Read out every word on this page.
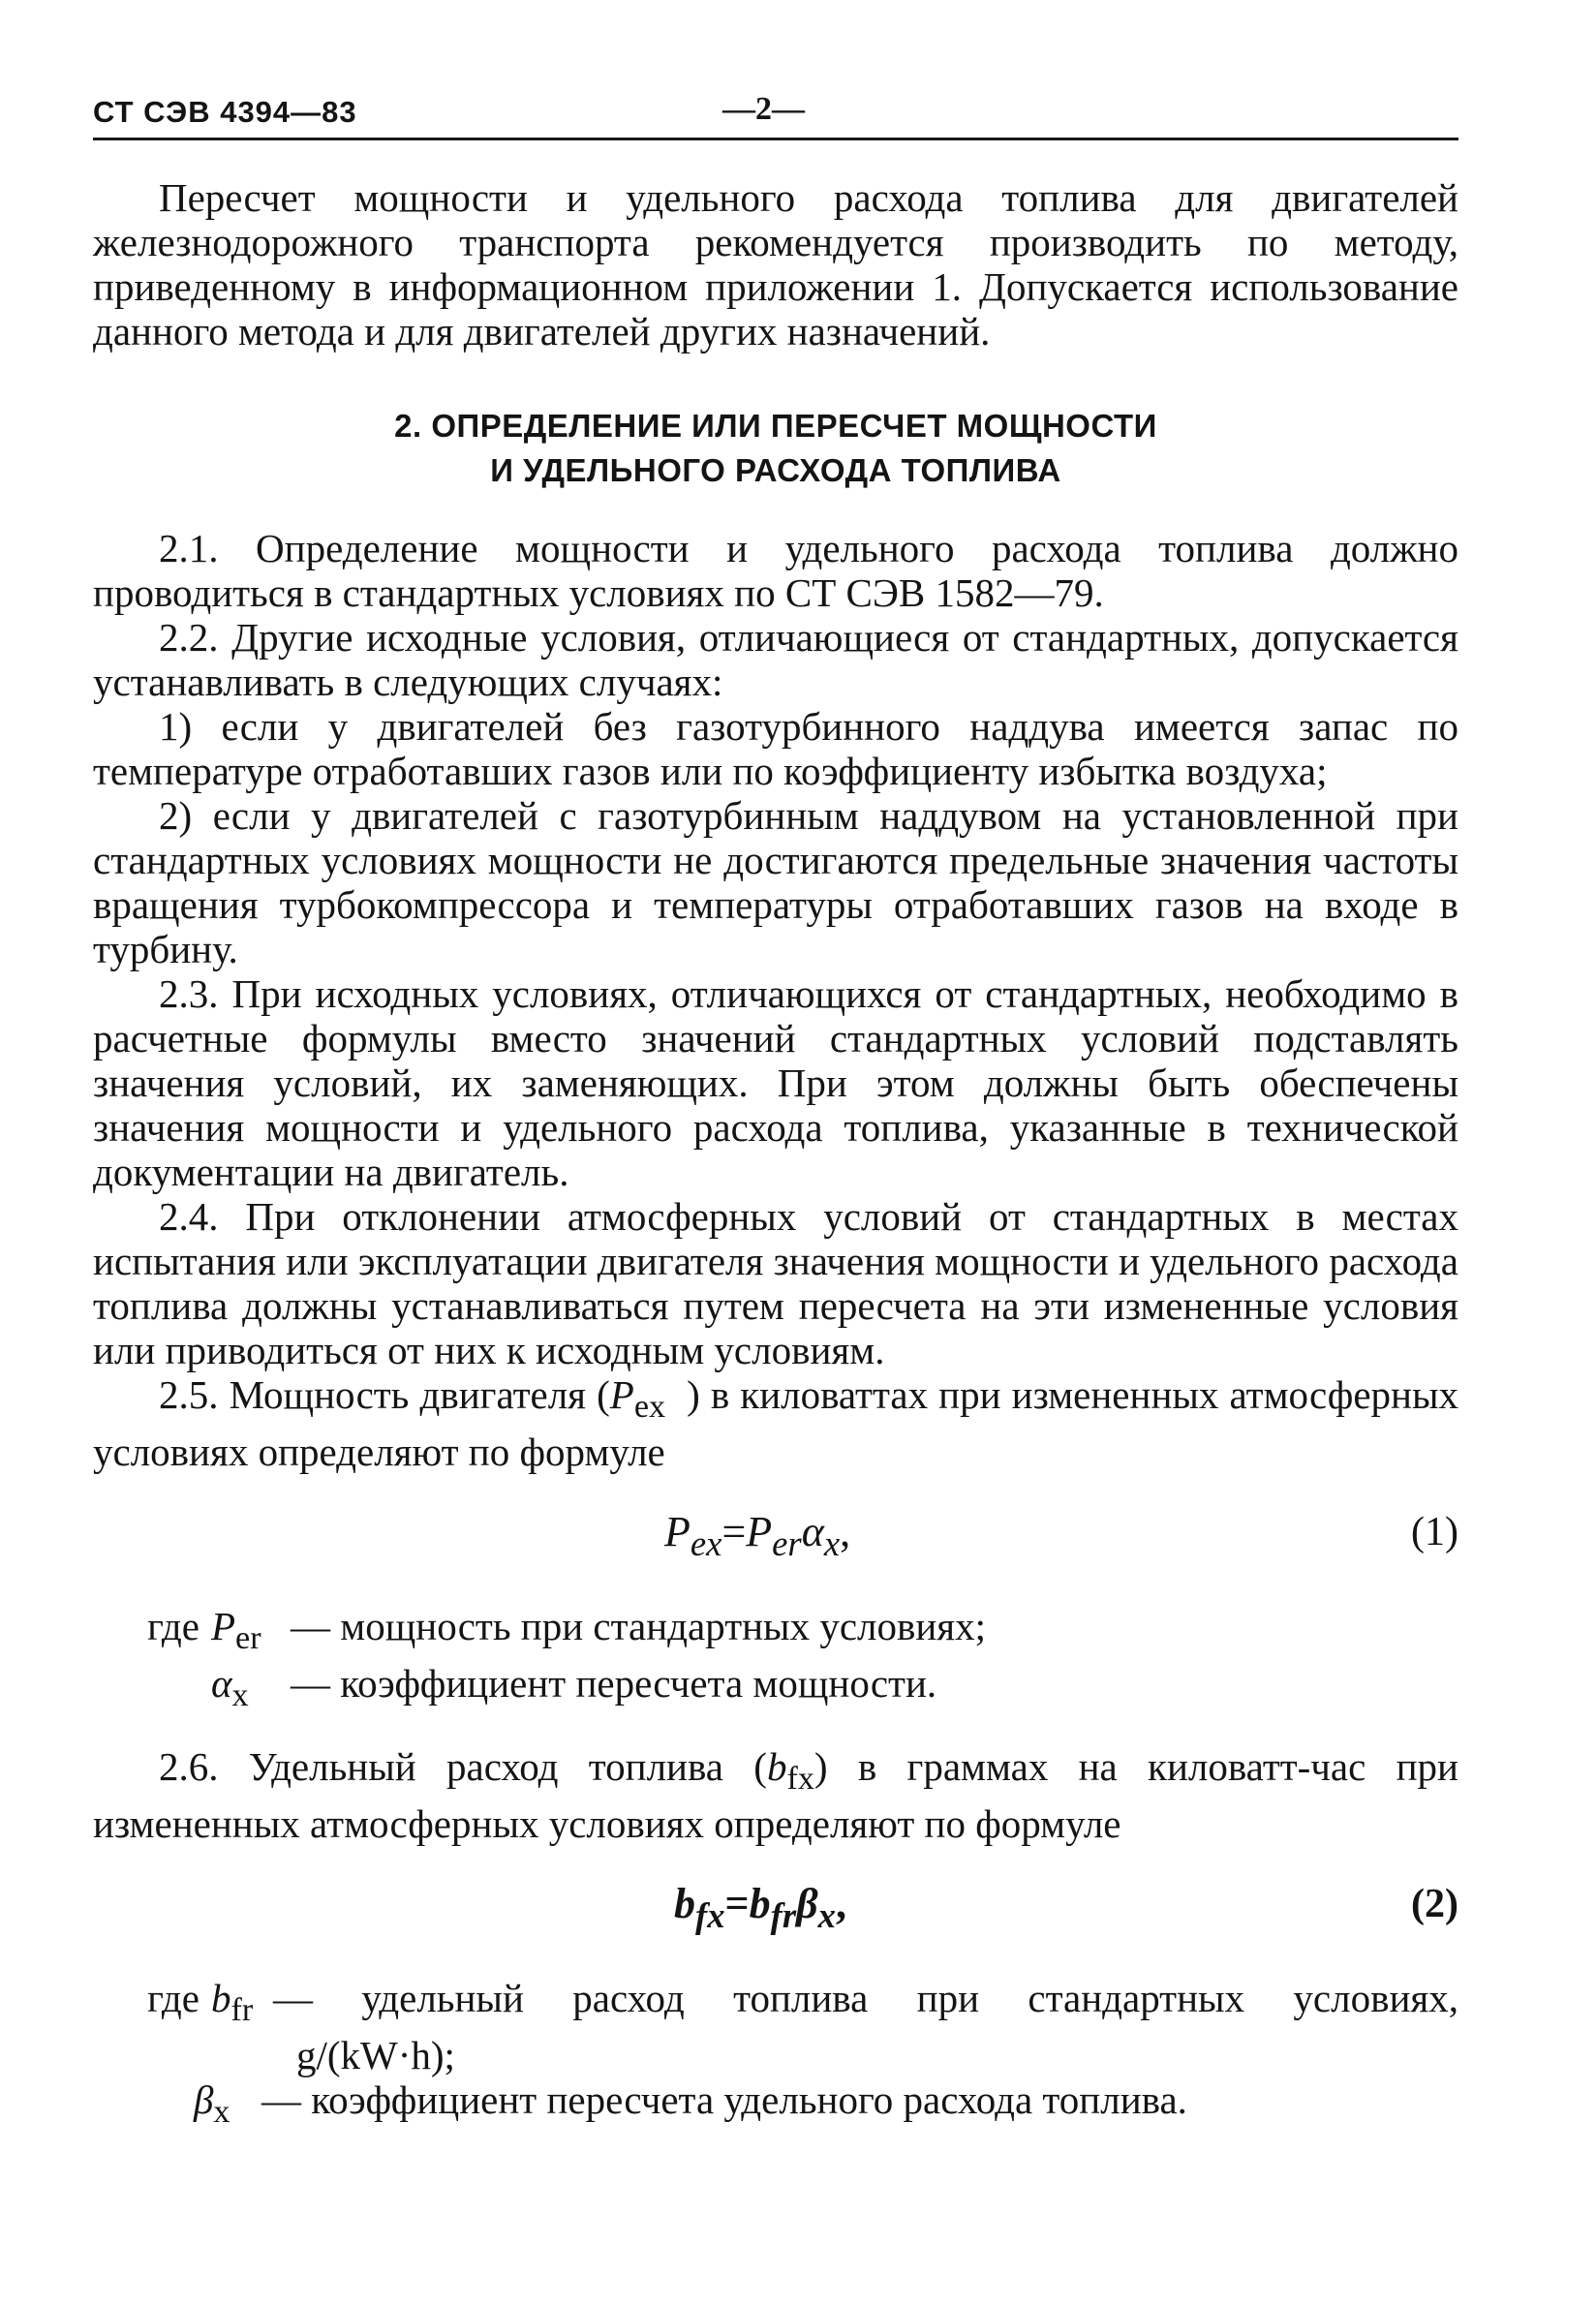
СТ СЭВ 4394—83	—2—

Пересчет мощности и удельного расхода топлива для двигателей железнодорожного транспорта рекомендуется производить по методу, приведенному в информационном приложении 1. Допускается использование данного метода и для двигателей других назначений.

2. ОПРЕДЕЛЕНИЕ ИЛИ ПЕРЕСЧЕТ МОЩНОСТИ
И УДЕЛЬНОГО РАСХОДА ТОПЛИВА

2.1. Определение мощности и удельного расхода топлива должно проводиться в стандартных условиях по СТ СЭВ 1582—79.

2.2. Другие исходные условия, отличающиеся от стандартных, допускается устанавливать в следующих случаях:

1) если у двигателей без газотурбинного наддува имеется запас по температуре отработавших газов или по коэффициенту избытка воздуха;

2) если у двигателей с газотурбинным наддувом на установленной при стандартных условиях мощности не достигаются предельные значения частоты вращения турбокомпрессора и температуры отработавших газов на входе в турбину.

2.3. При исходных условиях, отличающихся от стандартных, необходимо в расчетные формулы вместо значений стандартных условий подставлять значения условий, их заменяющих. При этом должны быть обеспечены значения мощности и удельного расхода топлива, указанные в технической документации на двигатель.

2.4. При отклонении атмосферных условий от стандартных в местах испытания или эксплуатации двигателя значения мощности и удельного расхода топлива должны устанавливаться путем пересчета на эти измененные условия или приводиться от них к исходным условиям.

2.5. Мощность двигателя ($P_{ex}$ ) в киловаттах при измененных атмосферных условиях определяют по формуле

$P_{ex}=P_{er}\alpha_x$,	(1)
где $P_{er}$ — мощность при стандартных условиях;
$\alpha_x$	— коэффициент пересчета мощности.

2.6. Удельный расход топлива $(b_{fx})$ в граммах на киловатт-час при измененных атмосферных условиях определяют по формуле

$b_{fx}=b_{fr}\beta_x$,	(2)
где $b_{fr}$ — удельный расход топлива при стандартных условиях,
g/(kW·h);
$\beta_x$ — коэффициент пересчета удельного расхода топлива.
